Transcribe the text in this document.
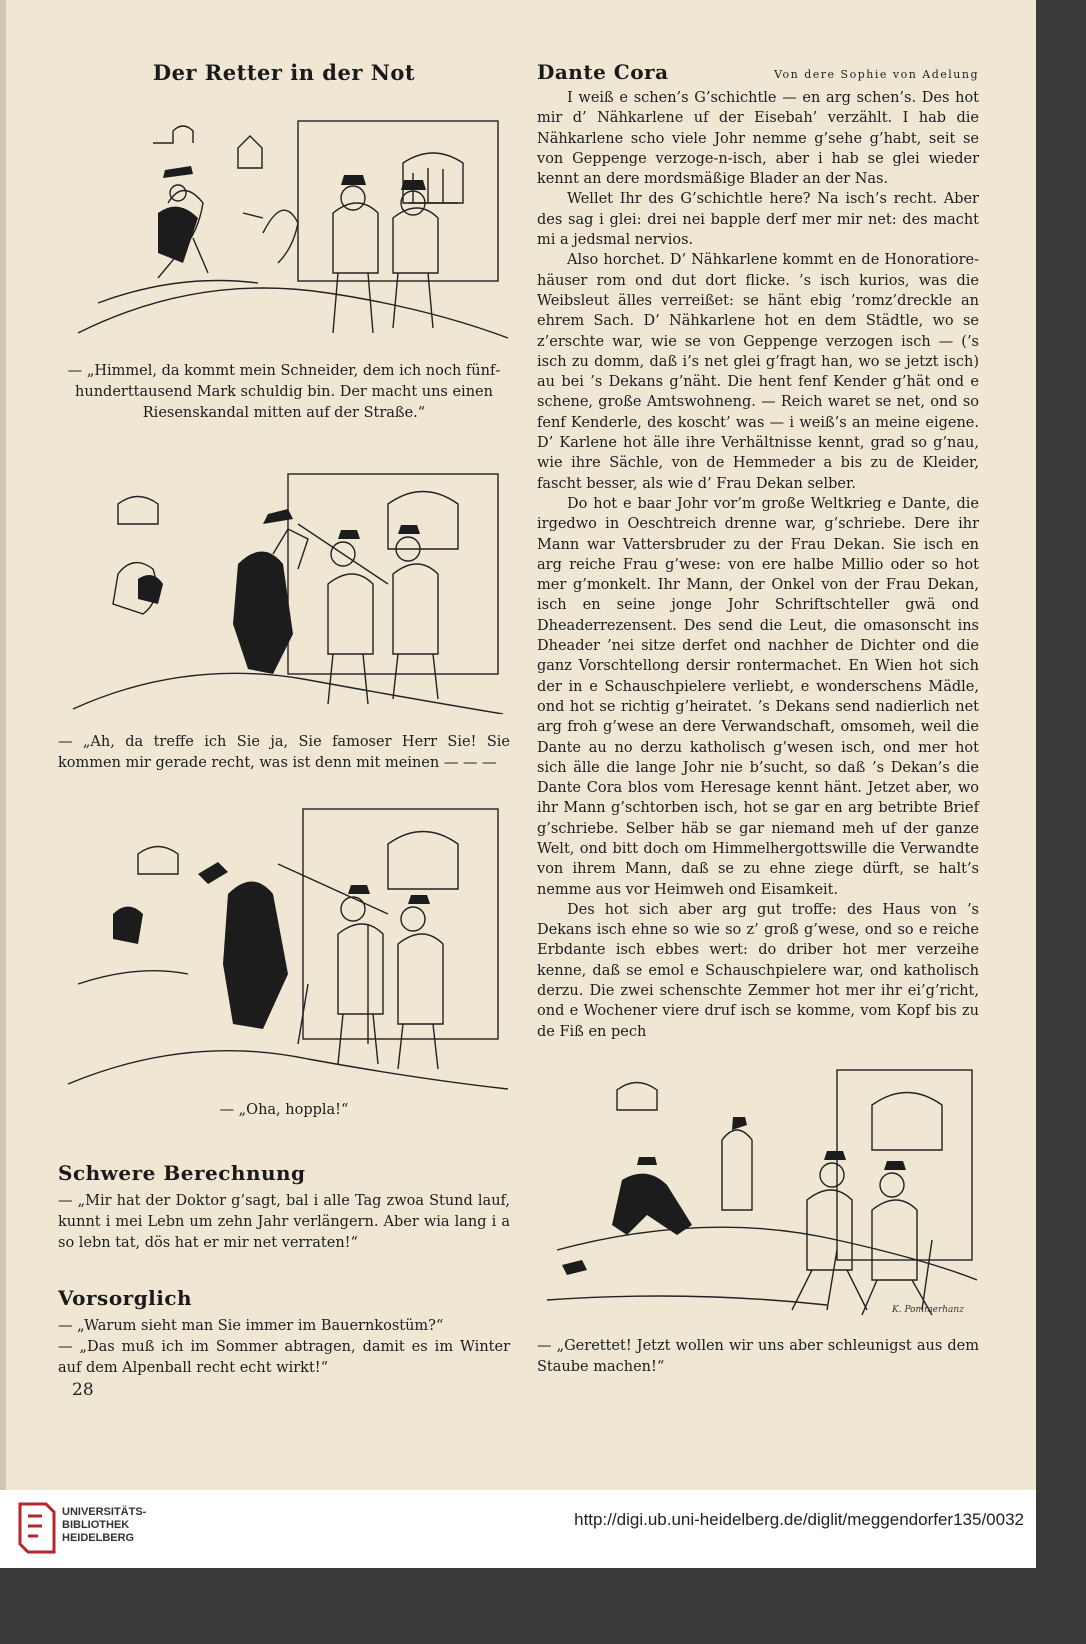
Der Retter in der Not
— „Himmel, da kommt mein Schneider, dem ich noch fünfhunderttausend Mark schuldig bin. Der macht uns einen Riesenskandal mitten auf der Straße.“
— „Ah, da treffe ich Sie ja, Sie famoser Herr Sie! Sie kommen mir gerade recht, was ist denn mit meinen — — —
— „Oha, hoppla!“
Schwere Berechnung

— „Mir hat der Doktor g’sagt, bal i alle Tag zwoa Stund lauf, kunnt i mei Lebn um zehn Jahr verlängern. Aber wia lang i a so lebn tat, dös hat er mir net verraten!“

Vorsorglich

— „Warum sieht man Sie immer im Bauernkostüm?“

— „Das muß ich im Sommer abtragen, damit es im Winter auf dem Alpenball recht echt wirkt!“

Dante Cora	Von dere Sophie von Adelung

I weiß e schen’s G’schichtle — en arg schen’s. Des hot mir d’ Nähkarlene uf der Eisebah’ verzählt. I hab die Nähkarlene scho viele Johr nemme g’sehe g’habt, seit se von Geppenge verzoge-n-isch, aber i hab se glei wieder kennt an dere mordsmäßige Blader an der Nas.

Wellet Ihr des G’schichtle here? Na isch’s recht. Aber des sag i glei: drei nei bapple derf mer mir net: des macht mi a jedsmal nervios.

Also horchet. D’ Nähkarlene kommt en de Honoratiorehäuser rom ond dut dort flicke. ’s isch kurios, was die Weibsleut älles verreißet: se hänt ebig ’romz’dreckle an ehrem Sach. D’ Nähkarlene hot en dem Städtle, wo se z’erschte war, wie se von Geppenge verzogen isch — (’s isch zu domm, daß i’s net glei g’fragt han, wo se jetzt isch) au bei ’s Dekans g’näht. Die hent fenf Kender g’hät ond e schene, große Amtswohneng. — Reich waret se net, ond so fenf Kenderle, des koscht’ was — i weiß’s an meine eigene. D’ Karlene hot älle ihre Verhältnisse kennt, grad so g’nau, wie ihre Sächle, von de Hemmeder a bis zu de Kleider, fascht besser, als wie d’ Frau Dekan selber.

Do hot e baar Johr vor’m große Weltkrieg e Dante, die irgedwo in Oeschtreich drenne war, g’schriebe. Dere ihr Mann war Vattersbruder zu der Frau Dekan. Sie isch en arg reiche Frau g’wese: von ere halbe Millio oder so hot mer g’monkelt. Ihr Mann, der Onkel von der Frau Dekan, isch en seine jonge Johr Schriftschteller gwä ond Dheaderrezensent. Des send die Leut, die omasonscht ins Dheader ’nei sitze derfet ond nachher de Dichter ond die ganz Vorschtellong dersir rontermachet. En Wien hot sich der in e Schauschpielere verliebt, e wonderschens Mädle, ond hot se richtig g’heiratet. ’s Dekans send nadierlich net arg froh g’wese an dere Verwandschaft, omsomeh, weil die Dante au no derzu katholisch g’wesen isch, ond mer hot sich älle die lange Johr nie b’sucht, so daß ’s Dekan’s die Dante Cora blos vom Heresage kennt hänt. Jetzet aber, wo ihr Mann g’schtorben isch, hot se gar en arg betribte Brief g’schriebe. Selber häb se gar niemand meh uf der ganze Welt, ond bitt doch om Himmelhergottswille die Verwandte von ihrem Mann, daß se zu ehne ziege dürft, se halt’s nemme aus vor Heimweh ond Eisamkeit.

Des hot sich aber arg gut troffe: des Haus von ’s Dekans isch ehne so wie so z’ groß g’wese, ond so e reiche Erbdante isch ebbes wert: do driber hot mer verzeihe kenne, daß se emol e Schauschpielere war, ond katholisch derzu. Die zwei schenschte Zemmer hot mer ihr ei’g’richt, ond e Wochener viere druf isch se komme, vom Kopf bis zu de Fiß en pech

K. Pommerhanz
— „Gerettet! Jetzt wollen wir uns aber schleunigst aus dem Staube machen!“
28
UNIVERSITÄTS-
BIBLIOTHEK
HEIDELBERG
http://digi.ub.uni-heidelberg.de/diglit/meggendorfer135/0032
